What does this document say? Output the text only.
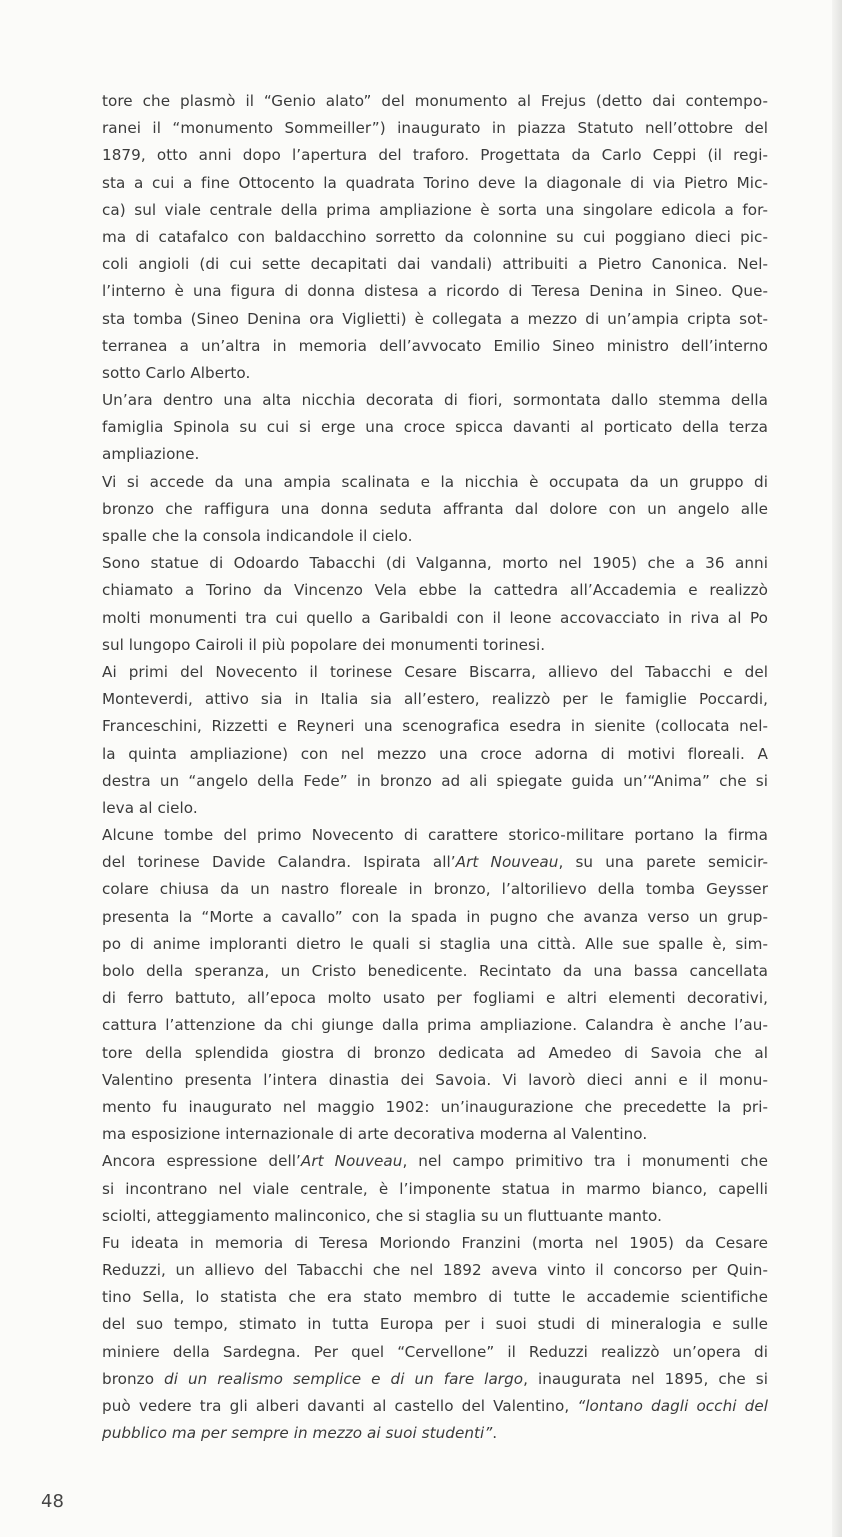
tore che plasmò il “Genio alato” del monumento al Frejus (detto dai contempo-
ranei il “monumento Sommeiller”) inaugurato in piazza Statuto nell’ottobre del
1879, otto anni dopo l’apertura del traforo. Progettata da Carlo Ceppi (il regi-
sta a cui a fine Ottocento la quadrata Torino deve la diagonale di via Pietro Mic-
ca) sul viale centrale della prima ampliazione è sorta una singolare edicola a for-
ma di catafalco con baldacchino sorretto da colonnine su cui poggiano dieci pic-
coli angioli (di cui sette decapitati dai vandali) attribuiti a Pietro Canonica. Nel-
l’interno è una figura di donna distesa a ricordo di Teresa Denina in Sineo. Que-
sta tomba (Sineo Denina ora Viglietti) è collegata a mezzo di un’ampia cripta sot-
terranea a un’altra in memoria dell’avvocato Emilio Sineo ministro dell’interno
sotto Carlo Alberto.

Un’ara dentro una alta nicchia decorata di fiori, sormontata dallo stemma della
famiglia Spinola su cui si erge una croce spicca davanti al porticato della terza
ampliazione.

Vi si accede da una ampia scalinata e la nicchia è occupata da un gruppo di
bronzo che raffigura una donna seduta affranta dal dolore con un angelo alle
spalle che la consola indicandole il cielo.

Sono statue di Odoardo Tabacchi (di Valganna, morto nel 1905) che a 36 anni
chiamato a Torino da Vincenzo Vela ebbe la cattedra all’Accademia e realizzò
molti monumenti tra cui quello a Garibaldi con il leone accovacciato in riva al Po
sul lungopo Cairoli il più popolare dei monumenti torinesi.

Ai primi del Novecento il torinese Cesare Biscarra, allievo del Tabacchi e del
Monteverdi, attivo sia in Italia sia all’estero, realizzò per le famiglie Poccardi,
Franceschini, Rizzetti e Reyneri una scenografica esedra in sienite (collocata nel-
la quinta ampliazione) con nel mezzo una croce adorna di motivi floreali. A
destra un “angelo della Fede” in bronzo ad ali spiegate guida un’“Anima” che si
leva al cielo.

Alcune tombe del primo Novecento di carattere storico-militare portano la firma
del torinese Davide Calandra. Ispirata all’Art Nouveau, su una parete semicir-
colare chiusa da un nastro floreale in bronzo, l’altorilievo della tomba Geysser
presenta la “Morte a cavallo” con la spada in pugno che avanza verso un grup-
po di anime imploranti dietro le quali si staglia una città. Alle sue spalle è, sim-
bolo della speranza, un Cristo benedicente. Recintato da una bassa cancellata
di ferro battuto, all’epoca molto usato per fogliami e altri elementi decorativi,
cattura l’attenzione da chi giunge dalla prima ampliazione. Calandra è anche l’au-
tore della splendida giostra di bronzo dedicata ad Amedeo di Savoia che al
Valentino presenta l’intera dinastia dei Savoia. Vi lavorò dieci anni e il monu-
mento fu inaugurato nel maggio 1902: un’inaugurazione che precedette la pri-
ma esposizione internazionale di arte decorativa moderna al Valentino.

Ancora espressione dell’Art Nouveau, nel campo primitivo tra i monumenti che
si incontrano nel viale centrale, è l’imponente statua in marmo bianco, capelli
sciolti, atteggiamento malinconico, che si staglia su un fluttuante manto.

Fu ideata in memoria di Teresa Moriondo Franzini (morta nel 1905) da Cesare
Reduzzi, un allievo del Tabacchi che nel 1892 aveva vinto il concorso per Quin-
tino Sella, lo statista che era stato membro di tutte le accademie scientifiche
del suo tempo, stimato in tutta Europa per i suoi studi di mineralogia e sulle
miniere della Sardegna. Per quel “Cervellone” il Reduzzi realizzò un’opera di
bronzo di un realismo semplice e di un fare largo, inaugurata nel 1895, che si
può vedere tra gli alberi davanti al castello del Valentino, “lontano dagli occhi del
pubblico ma per sempre in mezzo ai suoi studenti”.

48
